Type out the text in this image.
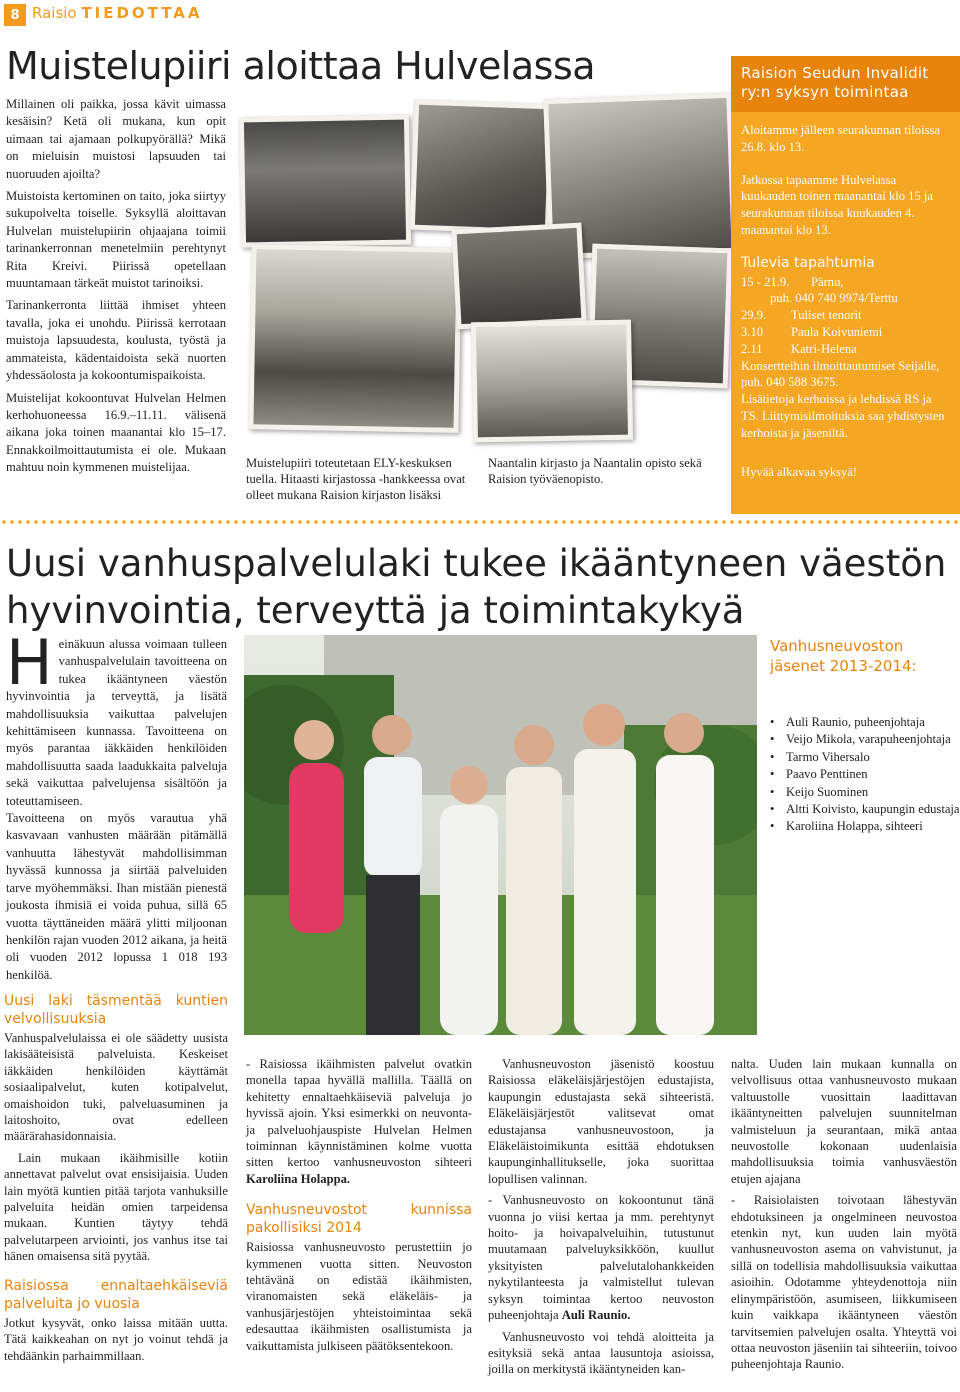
8 Raisio TIEDOTTAA
Muistelupiiri aloittaa Hulvelassa

Millainen oli paikka, jossa kävit uimassa kesäisin? Ketä oli mukana, kun opit uimaan tai ajamaan polkupyörällä? Mikä on mieluisin muistosi lapsuuden tai nuoruuden ajoilta?

Muistoista kertominen on taito, joka siirtyy sukupolvelta toiselle. Syksyllä aloittavan Hulvelan muistelupiirin ohjaajana toimii tarinankerronnan menetelmiin perehtynyt Rita Kreivi. Piirissä opetellaan muuntamaan tärkeät muistot tarinoiksi.

Tarinankerronta liittää ihmiset yhteen tavalla, joka ei unohdu. Piirissä kerrotaan muistoja lapsuudesta, koulusta, työstä ja ammateista, kädentaidoista sekä nuorten yhdessäolosta ja kokoontumispaikoista.

Muistelijat kokoontuvat Hulvelan Helmen kerhohuoneessa 16.9.–11.11. välisenä aikana joka toinen maanantai klo 15–17. Ennakkoilmoittautumista ei ole. Mukaan mahtuu noin kymmenen muistelijaa.	Muistelupiiri toteutetaan ELY-keskuksen tuella. Hitaasti kirjastossa -hankkeessa ovat olleet mukana Raision kirjaston lisäksi
Naantalin kirjasto ja Naantalin opisto sekä Raision työväenopisto.
Raision Seudun Invalidit ry:n syksyn toimintaa

Aloitamme jälleen seurakunnan tiloissa 26.8. klo 13.

Jatkossa tapaamme Hulvelassa kuukauden toinen maanantai klo 15 ja seurakunnan tiloissa kuukauden 4. maanantai klo 13.

Tulevia tapahtumia
15 - 21.9.	Pärnu,
puh. 040 740 9974/Terttu
29.9.	Tuliset tenorit
3.10	Paula Koivuniemi
2.11	Katri-Helena

Konsertteihin ilmoittautumiset Seijalle, puh. 040 588 3675.

Lisätietoja kerhoissa ja lehdissä RS ja TS. Liittymisilmoituksia saa yhdistysten kerhoista ja jäseniltä.

Hyvää alkavaa syksyä!

Uusi vanhuspalvelulaki tukee ikääntyneen väestön hyvinvointia, terveyttä ja toimintakykyä

H einäkuun alussa voimaan tulleen vanhuspalvelulain tavoitteena on tukea ikääntyneen väestön hyvinvointia ja terveyttä, ja lisätä mahdollisuuksia vaikuttaa palvelujen kehittämiseen kunnassa. Tavoitteena on myös parantaa iäkkäiden henkilöiden mahdollisuutta saada laadukkaita palveluja sekä vaikuttaa palvelujensa sisältöön ja toteuttamiseen.

Tavoitteena on myös varautua yhä kasvavaan vanhusten määrään pitämällä vanhuutta lähestyvät mahdollisimman hyvässä kunnossa ja siirtää palveluiden tarve myöhemmäksi. Ihan mistään pienestä joukosta ihmisiä ei voida puhua, sillä 65 vuotta täyttäneiden määrä ylitti miljoonan henkilön rajan vuoden 2012 aikana, ja heitä oli vuoden 2012 lopussa 1 018 193 henkilöä.

Vanhusneuvoston jäsenet 2013-2014:
• Auli Raunio, puheenjohtaja
• Veijo Mikola, varapuheenjohtaja
• Tarmo Vihersalo
• Paavo Penttinen
• Keijo Suominen
• Altti Koivisto, kaupungin edustaja
• Karoliina Holappa, sihteeri
Uusi laki täsmentää kuntien velvollisuuksia

Vanhuspalvelulaissa ei ole säädetty uusista lakisääteisistä palveluista. Keskeiset iäkkäiden henkilöiden käyttämät sosiaalipalvelut, kuten kotipalvelut, omaishoidon tuki, palveluasuminen ja laitoshoito, ovat edelleen määrärahasidonnaisia.

Lain mukaan ikäihmisille kotiin annettavat palvelut ovat ensisijaisia. Uuden lain myötä kuntien pitää tarjota vanhuksille palveluita heidän omien tarpeidensa mukaan. Kuntien täytyy tehdä palvelutarpeen arviointi, jos vanhus itse tai hänen omaisensa sitä pyytää.

Raisiossa ennaltaehkäiseviä palveluita jo vuosia

Jotkut kysyvät, onko laissa mitään uutta. Tätä kaikkeahan on nyt jo voinut tehdä ja tehdäänkin parhaimmillaan.

- Raisiossa ikäihmisten palvelut ovatkin monella tapaa hyvällä mallilla. Täällä on kehitetty ennaltaehkäiseviä palveluja jo hyvissä ajoin. Yksi esimerkki on neuvonta- ja palveluohjauspiste Hulvelan Helmen toiminnan käynnistäminen kolme vuotta sitten kertoo vanhusneuvoston sihteeri Karoliina Holappa.

Vanhusneuvostot kunnissa pakollisiksi 2014

Raisiossa vanhusneuvosto perustettiin jo kymmenen vuotta sitten. Neuvoston tehtävänä on edistää ikäihmisten, viranomaisten sekä eläkeläis- ja vanhusjärjestöjen yhteistoimintaa sekä edesauttaa ikäihmisten osallistumista ja vaikuttamista julkiseen päätöksentekoon.

Vanhusneuvoston jäsenistö koostuu Raisiossa eläkeläisjärjestöjen edustajista, kaupungin edustajasta sekä sihteeristä. Eläkeläisjärjestöt valitsevat omat edustajansa vanhusneuvostoon, ja Eläkeläistoimikunta esittää ehdotuksen kaupunginhallitukselle, joka suorittaa lopullisen valinnan.

- Vanhusneuvosto on kokoontunut tänä vuonna jo viisi kertaa ja mm. perehtynyt hoito- ja hoivapalveluihin, tutustunut muutamaan palveluyksikköön, kuullut yksityisten palvelutalohankkeiden nykytilanteesta ja valmistellut tulevan syksyn toimintaa kertoo neuvoston puheenjohtaja Auli Raunio.

Vanhusneuvosto voi tehdä aloitteita ja esityksiä sekä antaa lausuntoja asioissa, joilla on merkitystä ikääntyneiden kan-

nalta. Uuden lain mukaan kunnalla on velvollisuus ottaa vanhusneuvosto mukaan valtuustolle vuosittain laadittavan ikääntyneitten palvelujen suunnitelman valmisteluun ja seurantaan, mikä antaa neuvostolle kokonaan uudenlaisia mahdollisuuksia toimia vanhusväestön etujen ajajana

- Raisiolaisten toivotaan lähestyvän ehdotuksineen ja ongelmineen neuvostoa etenkin nyt, kun uuden lain myötä vanhusneuvoston asema on vahvistunut, ja sillä on todellisia mahdollisuuksia vaikuttaa asioihin. Odotamme yhteydenottoja niin elinympäristöön, asumiseen, liikkumiseen kuin vaikkapa ikääntyneen väestön tarvitsemien palvelujen osalta. Yhteyttä voi ottaa neuvoston jäseniin tai sihteeriin, toivoo puheenjohtaja Raunio.
